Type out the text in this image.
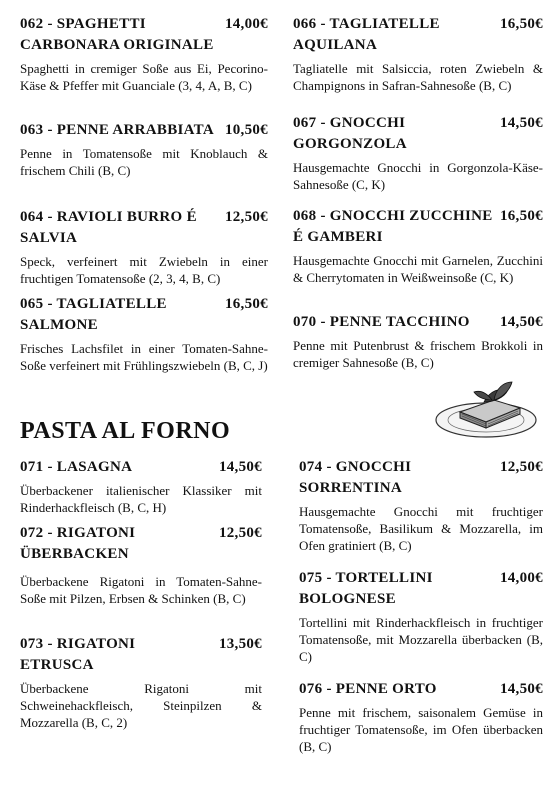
062 - SPAGHETTI CARBONARA ORIGINALE
14,00€
Spaghetti in cremiger Soße aus Ei, Pecorino-Käse & Pfeffer mit Guanciale (3, 4, A, B, C)
063 - PENNE ARRABBIATA 10,50€
Penne in Tomatensoße mit Knoblauch & frischem Chili (B, C)
064 - RAVIOLI BURRO É SALVIA
12,50€
Speck, verfeinert mit Zwiebeln in einer fruchtigen Tomatensoße (2, 3, 4, B, C)
065 - TAGLIATELLE SALMONE
16,50€
Frisches Lachsfilet in einer Tomaten-Sahne-Soße verfeinert mit Frühlingszwiebeln (B, C, J)
066 - TAGLIATELLE AQUILANA
16,50€
Tagliatelle mit Salsiccia, roten Zwiebeln & Champignons in Safran-Sahnesoße (B, C)
067 - GNOCCHI GORGONZOLA
14,50€
Hausgemachte Gnocchi in Gorgonzola-Käse-Sahnesoße (C, K)
068 - GNOCCHI ZUCCHINE É GAMBERI
16,50€
Hausgemachte Gnocchi mit Garnelen, Zucchini & Cherrytomaten in Weißweinsoße (C, K)
070 - PENNE TACCHINO	14,50€
Penne mit Putenbrust & frischem Brokkoli in cremiger Sahnesoße (B, C)
PASTA AL FORNO
071 - LASAGNA	14,50€
Überbackener italienischer Klassiker mit Rinderhackfleisch (B, C, H)
072 - RIGATONI ÜBERBACKEN
12,50€
Überbackene Rigatoni in Tomaten-Sahne-Soße mit Pilzen, Erbsen & Schinken (B, C)
073 - RIGATONI ETRUSCA
13,50€
Überbackene Rigatoni mit Schweinehackfleisch, Steinpilzen & Mozzarella (B, C, 2)
074 - GNOCCHI SORRENTINA
12,50€
Hausgemachte Gnocchi mit fruchtiger Tomatensoße, Basilikum & Mozzarella, im Ofen gratiniert (B, C)
075 - TORTELLINI BOLOGNESE
14,00€
Tortellini mit Rinderhackfleisch in fruchtiger Tomatensoße, mit Mozzarella überbacken (B, C)
076 - PENNE ORTO	14,50€
Penne mit frischem, saisonalem Gemüse in fruchtiger Tomatensoße, im Ofen überbacken (B, C)
